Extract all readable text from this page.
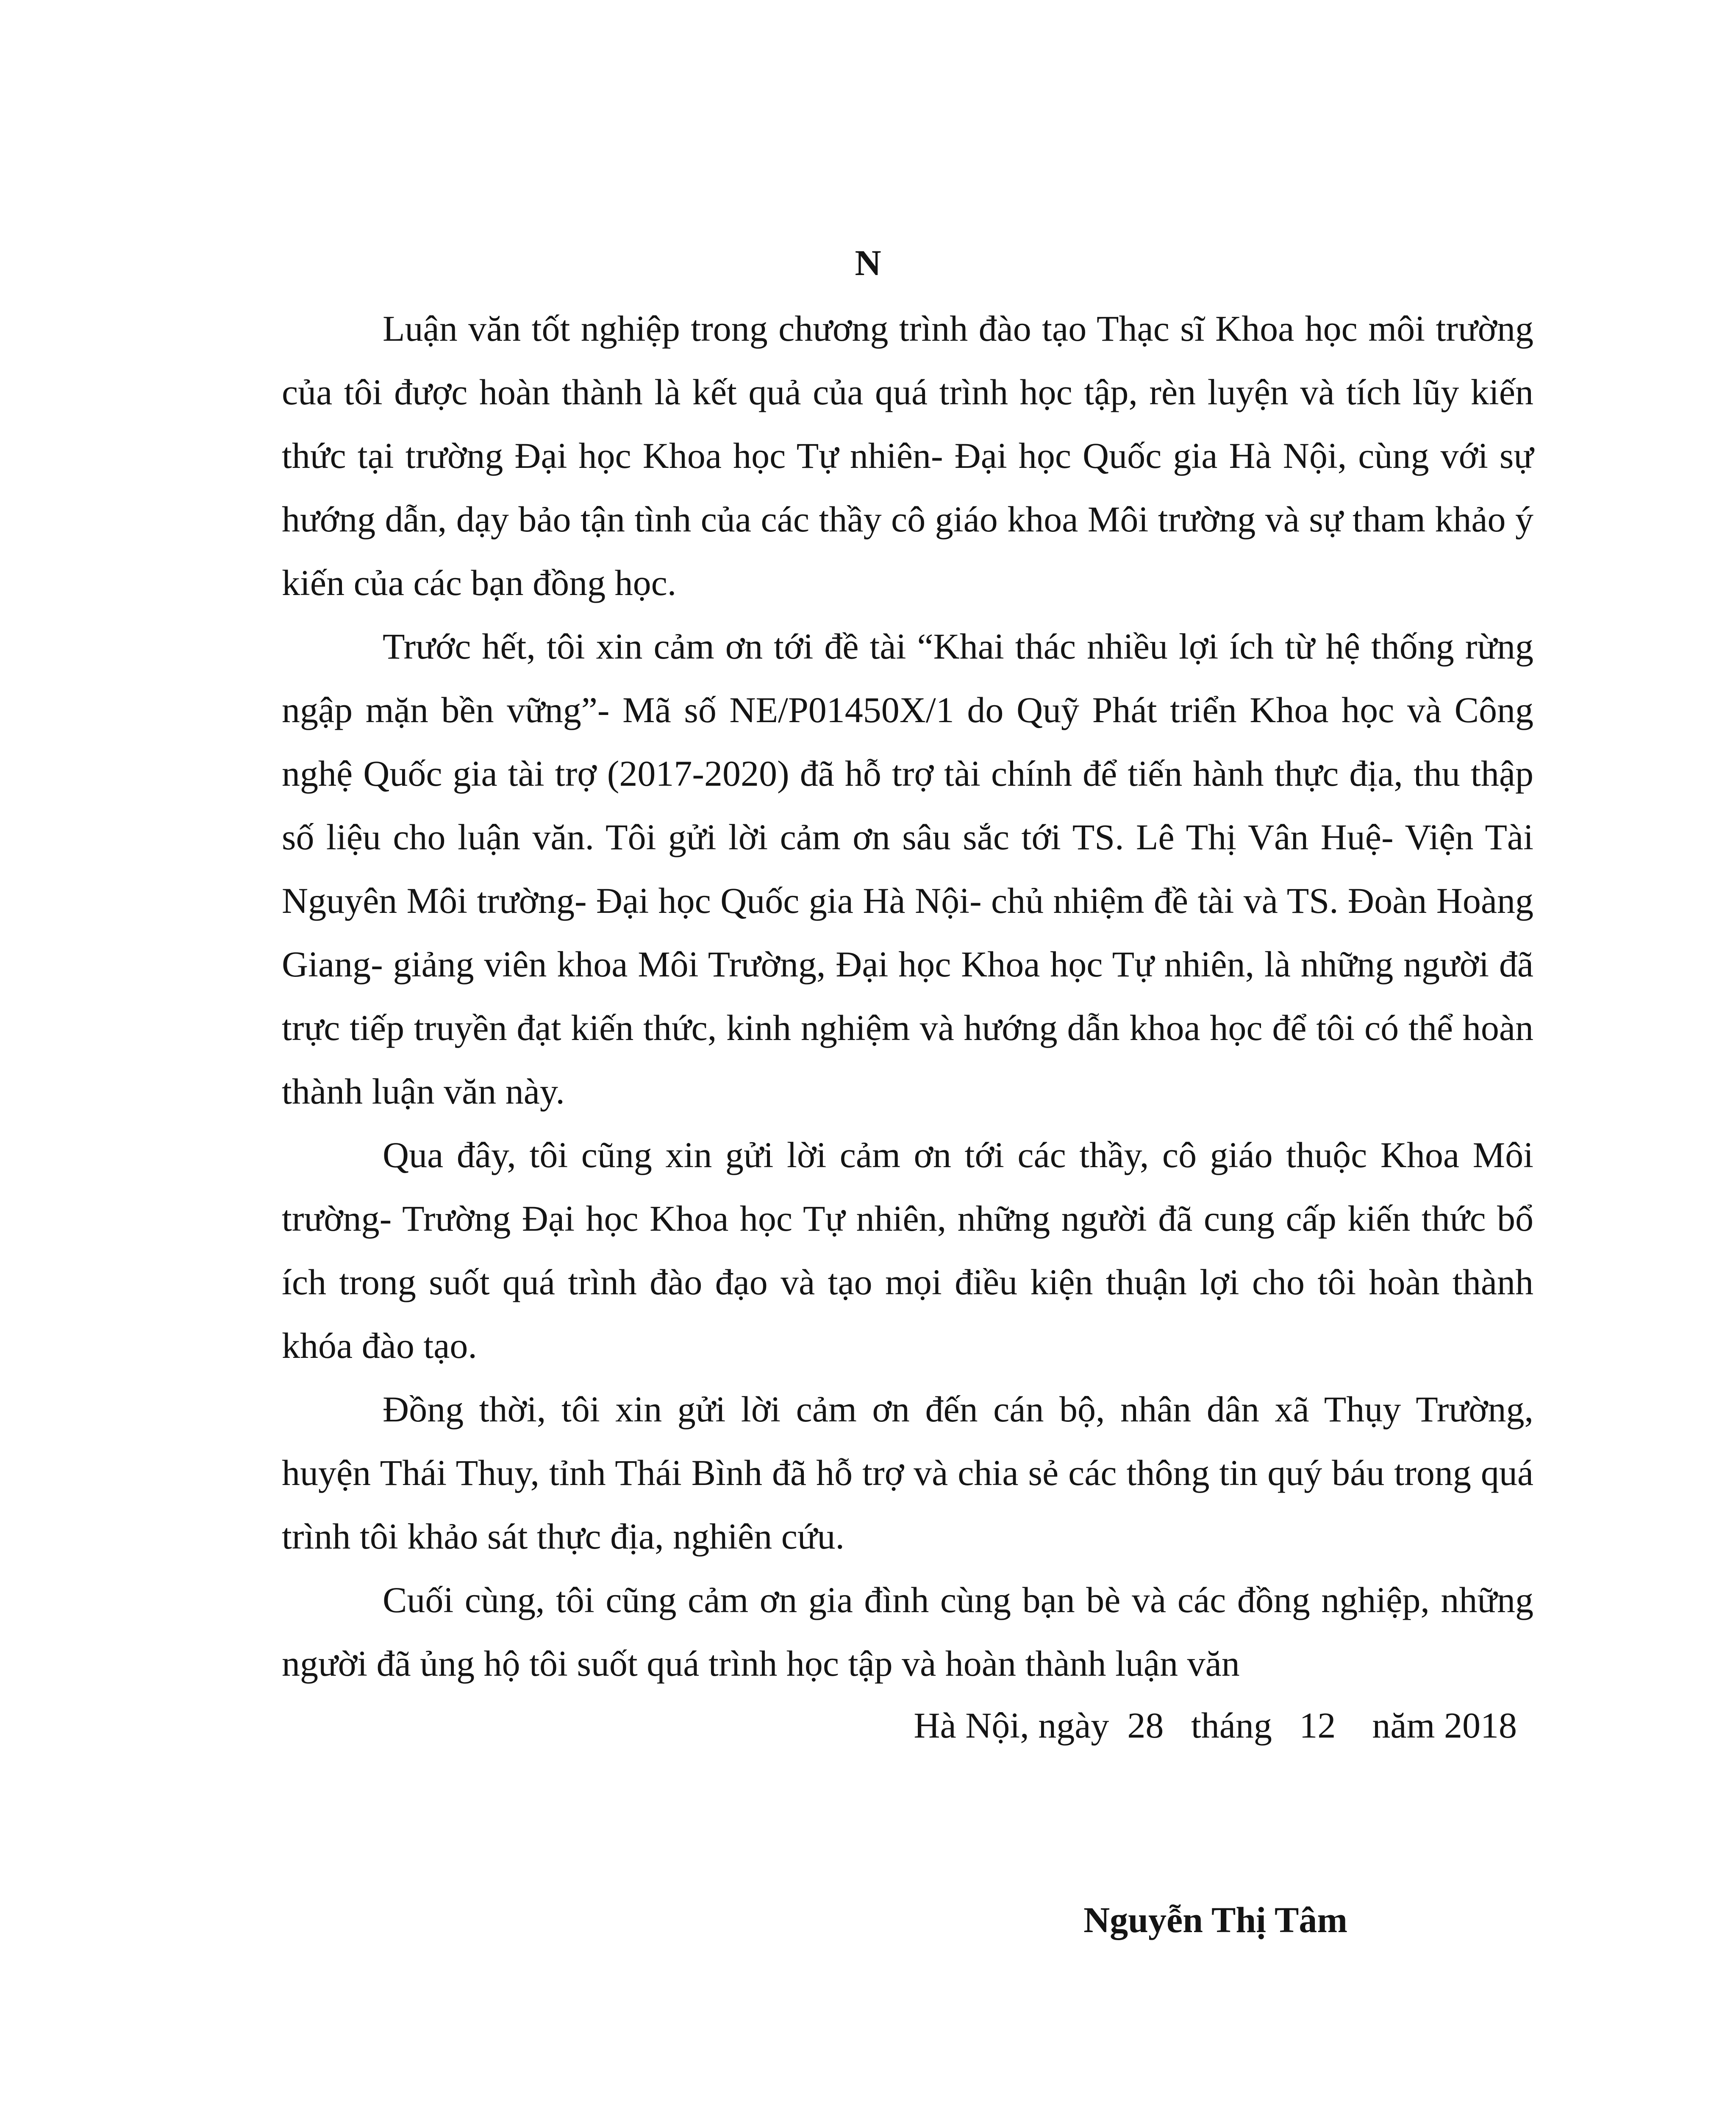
N

Luận văn tốt nghiệp trong chương trình đào tạo Thạc sĩ Khoa học môi trường của tôi được hoàn thành là kết quả của quá trình học tập, rèn luyện và tích lũy kiến thức tại trường Đại học Khoa học Tự nhiên- Đại học Quốc gia Hà Nội, cùng với sự hướng dẫn, dạy bảo tận tình của các thầy cô giáo khoa Môi trường và sự tham khảo ý kiến của các bạn đồng học.

Trước hết, tôi xin cảm ơn tới đề tài “Khai thác nhiều lợi ích từ hệ thống rừng ngập mặn bền vững”- Mã số NE/P01450X/1 do Quỹ Phát triển Khoa học và Công nghệ Quốc gia tài trợ (2017-2020) đã hỗ trợ tài chính để tiến hành thực địa, thu thập số liệu cho luận văn. Tôi gửi lời cảm ơn sâu sắc tới TS. Lê Thị Vân Huệ- Viện Tài Nguyên Môi trường- Đại học Quốc gia Hà Nội- chủ nhiệm đề tài và TS. Đoàn Hoàng Giang- giảng viên khoa Môi Trường, Đại học Khoa học Tự nhiên, là những người đã trực tiếp truyền đạt kiến thức, kinh nghiệm và hướng dẫn khoa học để tôi có thể hoàn thành luận văn này.

Qua đây, tôi cũng xin gửi lời cảm ơn tới các thầy, cô giáo thuộc Khoa Môi trường- Trường Đại học Khoa học Tự nhiên, những người đã cung cấp kiến thức bổ ích trong suốt quá trình đào đạo và tạo mọi điều kiện thuận lợi cho tôi hoàn thành khóa đào tạo.

Đồng thời, tôi xin gửi lời cảm ơn đến cán bộ, nhân dân xã Thụy Trường, huyện Thái Thuy, tỉnh Thái Bình đã hỗ trợ và chia sẻ các thông tin quý báu trong quá trình tôi khảo sát thực địa, nghiên cứu.

Cuối cùng, tôi cũng cảm ơn gia đình cùng bạn bè và các đồng nghiệp, những người đã ủng hộ tôi suốt quá trình học tập và hoàn thành luận văn

Hà Nội, ngày  28   tháng   12    năm 2018

Nguyễn Thị Tâm
